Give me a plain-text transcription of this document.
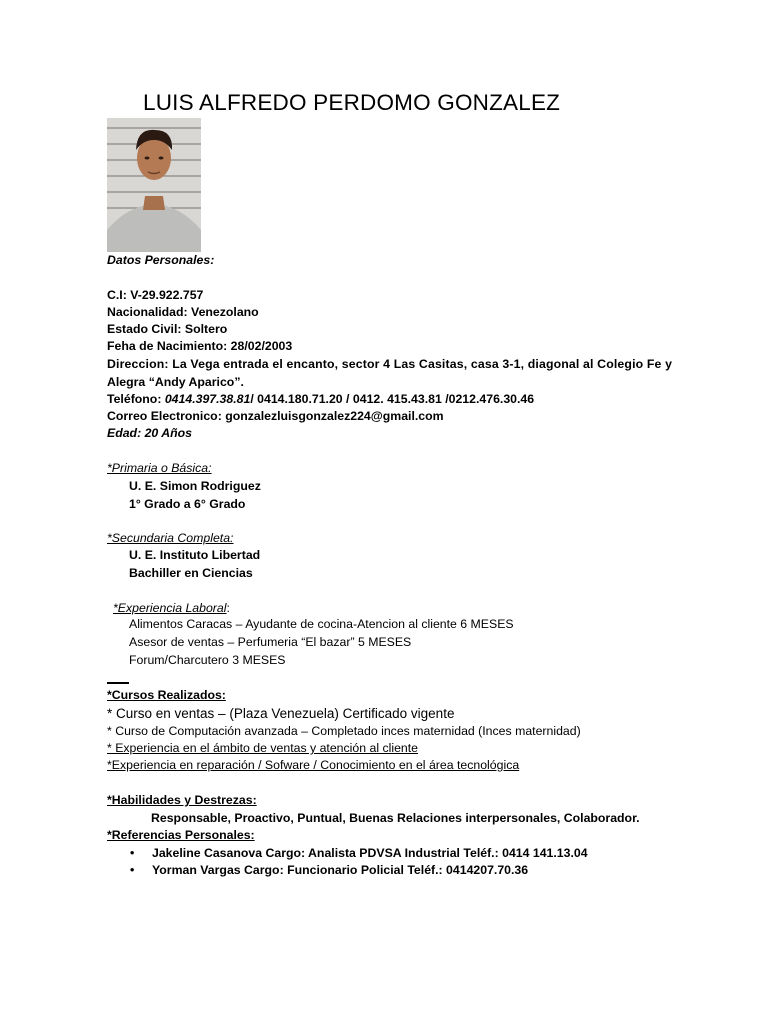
LUIS ALFREDO PERDOMO GONZALEZ
Datos Personales:
C.I: V-29.922.757
Nacionalidad: Venezolano
Estado Civil: Soltero
Feha de Nacimiento: 28/02/2003
Direccion: La Vega entrada el encanto, sector 4 Las Casitas, casa 3-1, diagonal al Colegio Fe y
Alegra “Andy Aparico”.
Teléfono: 0414.397.38.81/ 0414.180.71.20 / 0412. 415.43.81 /0212.476.30.46
Correo Electronico: gonzalezluisgonzalez224@gmail.com
Edad: 20 Años
*Primaria o Básica:
U. E. Simon Rodriguez
1° Grado a 6° Grado
*Secundaria Completa:
U. E. Instituto Libertad
Bachiller en Ciencias
*Experiencia Laboral:
Alimentos Caracas – Ayudante de cocina-Atencion al cliente 6 MESES
Asesor de ventas – Perfumeria “El bazar” 5 MESES
Forum/Charcutero 3 MESES
*Cursos Realizados:
* Curso en ventas – (Plaza Venezuela) Certificado vigente
* Curso de Computación avanzada – Completado inces maternidad (Inces maternidad)
* Experiencia en el ámbito de ventas y atención al cliente
*Experiencia en reparación / Sofware / Conocimiento en el área tecnológica
*Habilidades y Destrezas:
Responsable, Proactivo, Puntual, Buenas Relaciones interpersonales, Colaborador.
*Referencias Personales:
• Jakeline Casanova Cargo: Analista PDVSA Industrial Teléf.: 0414 141.13.04
• Yorman Vargas Cargo: Funcionario Policial Teléf.: 0414207.70.36
